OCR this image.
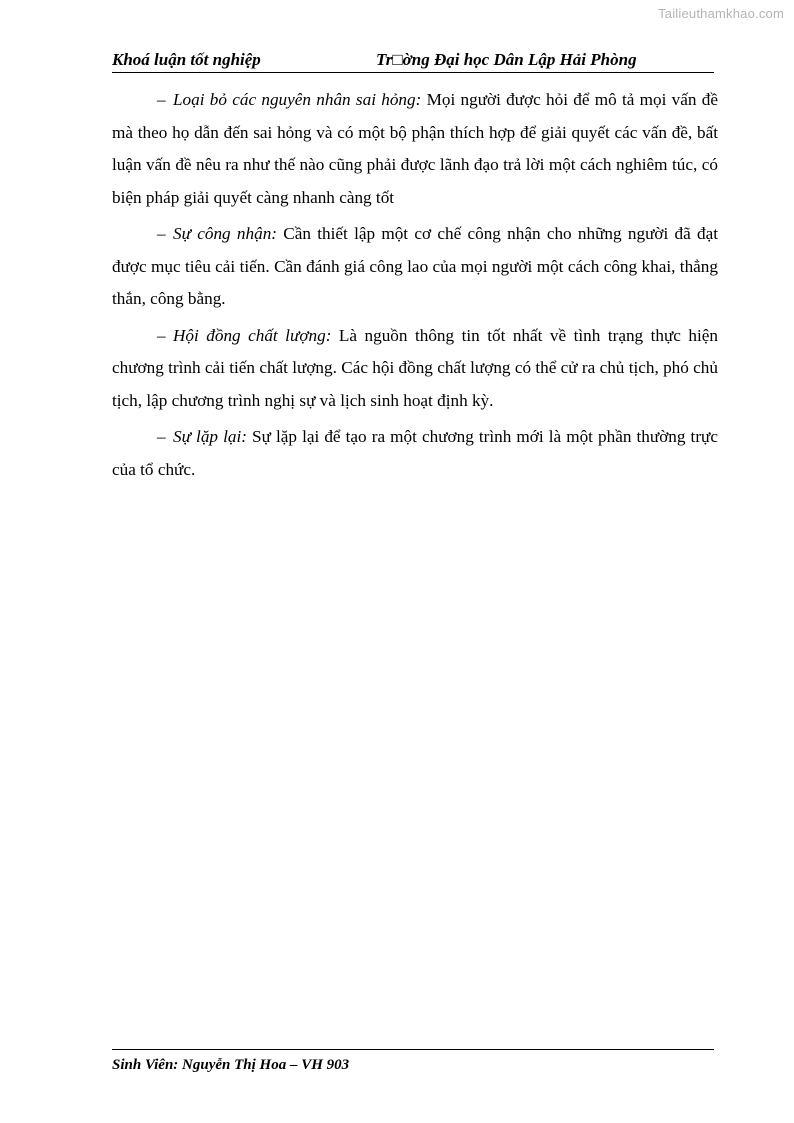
Tailieuthamkhao.com
Khoá luận tốt nghiệp	Tr□ờng Đại học Dân Lập Hải Phòng

– Loại bỏ các nguyên nhân sai hỏng: Mọi người được hỏi để mô tả mọi vấn đề mà theo họ dẫn đến sai hỏng và có một bộ phận thích hợp để giải quyết các vấn đề, bất luận vấn đề nêu ra như thế nào cũng phải được lãnh đạo trả lời một cách nghiêm túc, có biện pháp giải quyết càng nhanh càng tốt

– Sự công nhận: Cần thiết lập một cơ chế công nhận cho những người đã đạt được mục tiêu cải tiến. Cần đánh giá công lao của mọi người một cách công khai, thẳng thắn, công bằng.

– Hội đồng chất lượng: Là nguồn thông tin tốt nhất về tình trạng thực hiện chương trình cải tiến chất lượng. Các hội đồng chất lượng có thể cử ra chủ tịch, phó chủ tịch, lập chương trình nghị sự và lịch sinh hoạt định kỳ.

– Sự lặp lại: Sự lặp lại để tạo ra một chương trình mới là một phần thường trực của tổ chức.

Sinh Viên: Nguyễn Thị Hoa – VH 903
